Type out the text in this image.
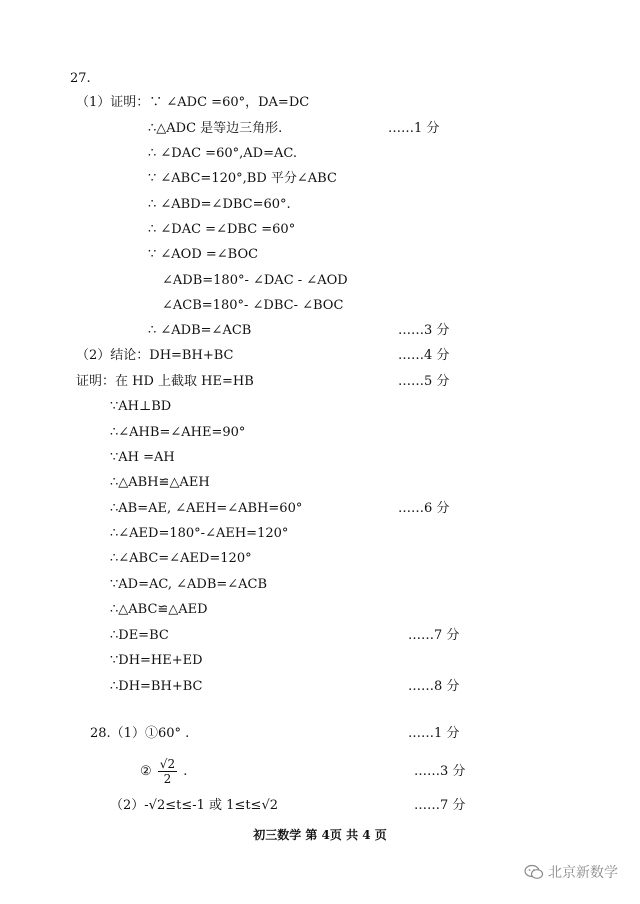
27.
（1）证明：∵ ∠ADC =60°，DA=DC
∴△ADC 是等边三角形.	……1 分
∴ ∠DAC =60°,AD=AC.
∵ ∠ABC=120°,BD 平分∠ABC
∴ ∠ABD=∠DBC=60°.
∴ ∠DAC =∠DBC =60°
∵ ∠AOD =∠BOC
∠ADB=180°- ∠DAC - ∠AOD
∠ACB=180°- ∠DBC- ∠BOC
∴ ∠ADB=∠ACB	……3 分
（2）结论：DH=BH+BC	……4 分
证明：在 HD 上截取 HE=HB	……5 分
∵AH⊥BD
∴∠AHB=∠AHE=90°
∵AH =AH
∴△ABH≌△AEH
∴AB=AE, ∠AEH=∠ABH=60°	……6 分
∴∠AED=180°-∠AEH=120°
∴∠ABC=∠AED=120°
∵AD=AC, ∠ADB=∠ACB
∴△ABC≌△AED
∴DE=BC	……7 分
∵DH=HE+ED
∴DH=BH+BC	……8 分
28.（1）①60° .	……1 分
② $\frac{√2}{2}$ .	……3 分
（2）-√2≤t≤-1 或 1≤t≤√2	……7 分
初三数学 第 4页 共 4 页
北京新数学
